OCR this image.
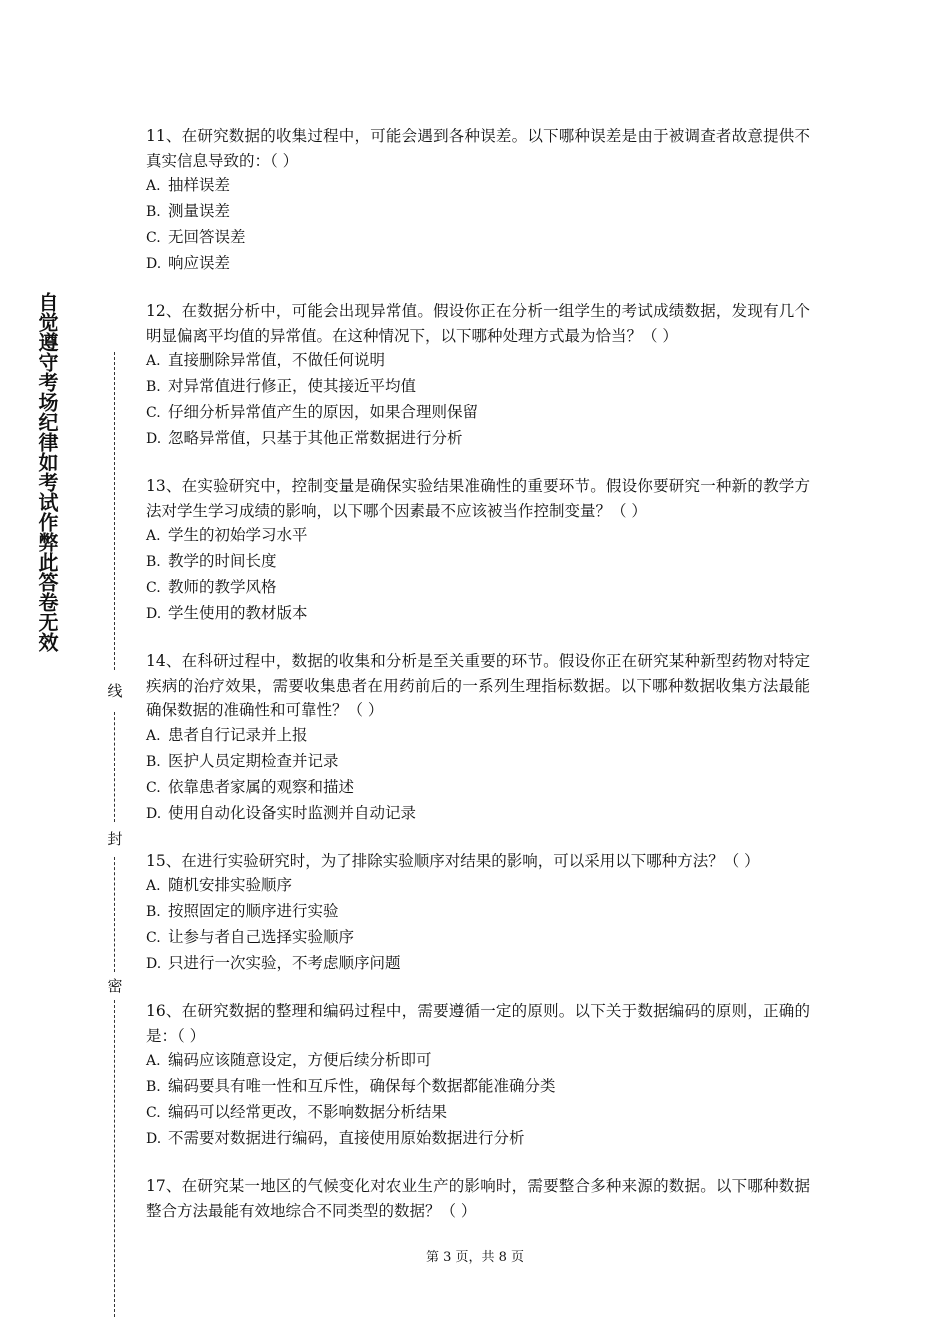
自觉遵守考场纪律如考试作弊此答卷无效
线
封
密
11、在研究数据的收集过程中，可能会遇到各种误差。以下哪种误差是由于被调查者故意提供不真实信息导致的：（ ）
A. 抽样误差
B. 测量误差
C. 无回答误差
D. 响应误差
12、在数据分析中，可能会出现异常值。假设你正在分析一组学生的考试成绩数据，发现有几个明显偏离平均值的异常值。在这种情况下，以下哪种处理方式最为恰当？（ ）
A. 直接删除异常值，不做任何说明
B. 对异常值进行修正，使其接近平均值
C. 仔细分析异常值产生的原因，如果合理则保留
D. 忽略异常值，只基于其他正常数据进行分析
13、在实验研究中，控制变量是确保实验结果准确性的重要环节。假设你要研究一种新的教学方法对学生学习成绩的影响，以下哪个因素最不应该被当作控制变量？（ ）
A. 学生的初始学习水平
B. 教学的时间长度
C. 教师的教学风格
D. 学生使用的教材版本
14、在科研过程中，数据的收集和分析是至关重要的环节。假设你正在研究某种新型药物对特定疾病的治疗效果，需要收集患者在用药前后的一系列生理指标数据。以下哪种数据收集方法最能确保数据的准确性和可靠性？（ ）
A. 患者自行记录并上报
B. 医护人员定期检查并记录
C. 依靠患者家属的观察和描述
D. 使用自动化设备实时监测并自动记录
15、在进行实验研究时，为了排除实验顺序对结果的影响，可以采用以下哪种方法？（ ）
A. 随机安排实验顺序
B. 按照固定的顺序进行实验
C. 让参与者自己选择实验顺序
D. 只进行一次实验，不考虑顺序问题
16、在研究数据的整理和编码过程中，需要遵循一定的原则。以下关于数据编码的原则，正确的是：（ ）
A. 编码应该随意设定，方便后续分析即可
B. 编码要具有唯一性和互斥性，确保每个数据都能准确分类
C. 编码可以经常更改，不影响数据分析结果
D. 不需要对数据进行编码，直接使用原始数据进行分析
17、在研究某一地区的气候变化对农业生产的影响时，需要整合多种来源的数据。以下哪种数据整合方法最能有效地综合不同类型的数据？（ ）
第 3 页，共 8 页
